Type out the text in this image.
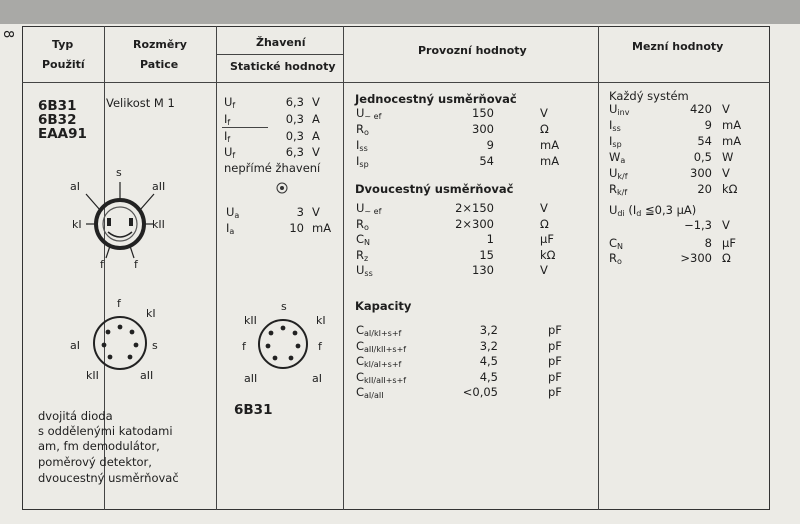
8
Typ
Použití
Rozměry
Patice
Žhavení
Statické hodnoty
Provozní hodnoty	Mezní hodnoty
6B31
6B32
EAA91
Velikost M 1
dvojitá dioda
s oddělenými katodami
am, fm demodulátor,
poměrový detektor,
dvoucestný usměrňovač
aI
s
aII
kI	kII
f	f
f
kI
aI	s
kII	aII
nepřímé žhavení
kII
s
kI
f	f
aII	aI
6B31
Jednocestný usměrňovač
Dvoucestný usměrňovač
Kapacity
Každý systém
$U_{di}$ ($I_d$ ≦0,3 μA)
−1,3 V
$U_f$	6,3 V
$I_f$	0,3 A
$I_f$	0,3 A
$U_f$	6,3 V
$U_a$	3 V
$I_a$	10 mA
$U_{\sim ef}$	150	V
$R_o$	300	Ω
$I_{ss}$	9	mA
$I_{sp}$	54	mA
$U_{\sim ef}$	2×150	V
$R_o$	2×300	Ω
$C_N$	1	μF
$R_z$	15	kΩ
$U_{ss}$	130	V
$C_{aI/kI+s+f}$	3,2	pF
$C_{aII/kII+s+f}$	3,2	pF
$C_{kI/aI+s+f}$	4,5	pF
$C_{kII/aII+s+f}$	4,5	pF
$C_{aI/aII}$	<0,05	pF
$U_{inv}$	420 V
$I_{ss}$	9 mA
$I_{sp}$	54 mA
$W_a$	0,5 W
$U_{k/f}$	300 V
$R_{k/f}$	20 kΩ
$C_N$	8 μF
$R_o$	>300 Ω
